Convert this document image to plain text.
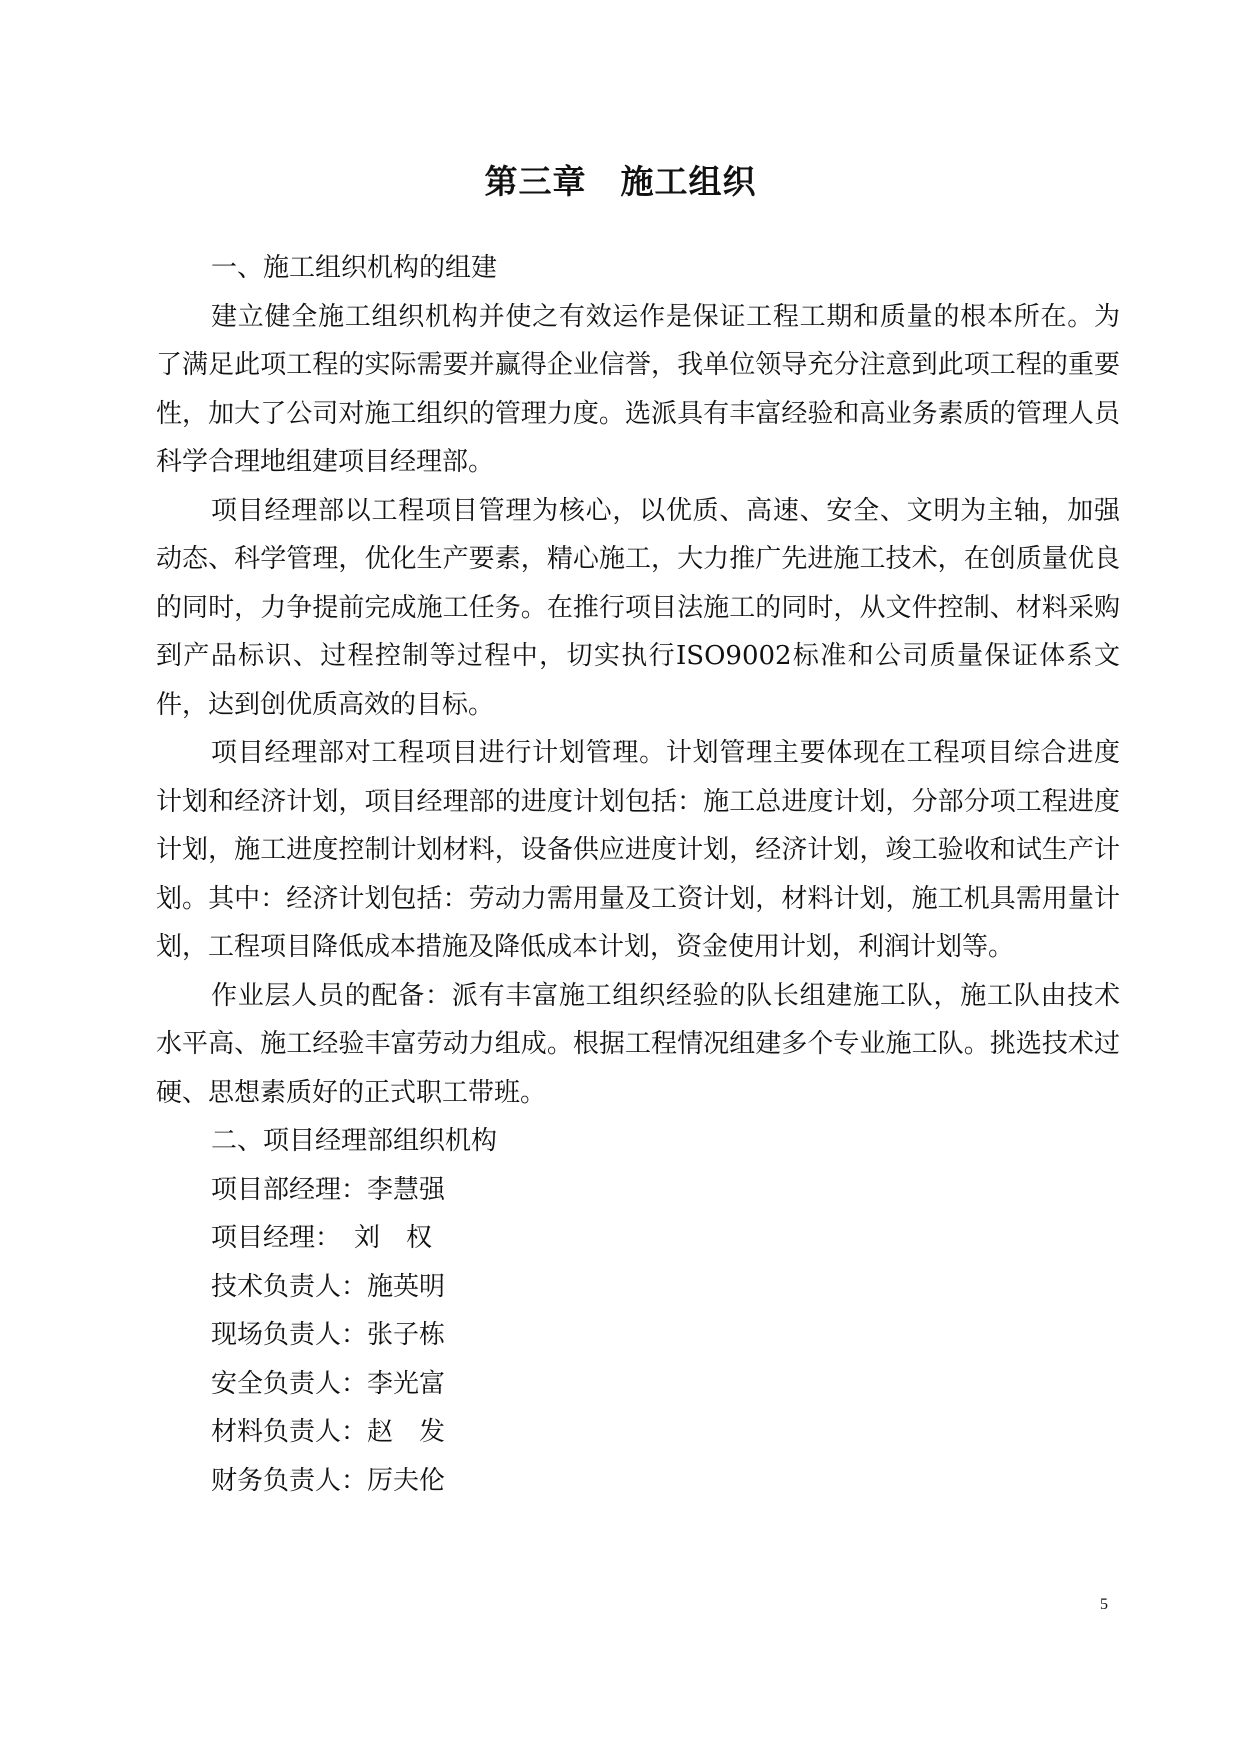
第三章　施工组织

一、施工组织机构的组建

建立健全施工组织机构并使之有效运作是保证工程工期和质量的根本所在。为了满足此项工程的实际需要并赢得企业信誉，我单位领导充分注意到此项工程的重要性，加大了公司对施工组织的管理力度。选派具有丰富经验和高业务素质的管理人员科学合理地组建项目经理部。

项目经理部以工程项目管理为核心，以优质、高速、安全、文明为主轴，加强动态、科学管理，优化生产要素，精心施工，大力推广先进施工技术，在创质量优良的同时，力争提前完成施工任务。在推行项目法施工的同时，从文件控制、材料采购到产品标识、过程控制等过程中，切实执行ISO9002标准和公司质量保证体系文件，达到创优质高效的目标。

项目经理部对工程项目进行计划管理。计划管理主要体现在工程项目综合进度计划和经济计划，项目经理部的进度计划包括：施工总进度计划，分部分项工程进度计划，施工进度控制计划材料，设备供应进度计划，经济计划，竣工验收和试生产计划。其中：经济计划包括：劳动力需用量及工资计划，材料计划，施工机具需用量计划，工程项目降低成本措施及降低成本计划，资金使用计划，利润计划等。

作业层人员的配备：派有丰富施工组织经验的队长组建施工队，施工队由技术水平高、施工经验丰富劳动力组成。根据工程情况组建多个专业施工队。挑选技术过硬、思想素质好的正式职工带班。

二、项目经理部组织机构

项目部经理：李慧强
项目经理：　刘　权
技术负责人：施英明
现场负责人：张子栋
安全负责人：李光富
材料负责人：赵　发
财务负责人：厉夫伦
5
